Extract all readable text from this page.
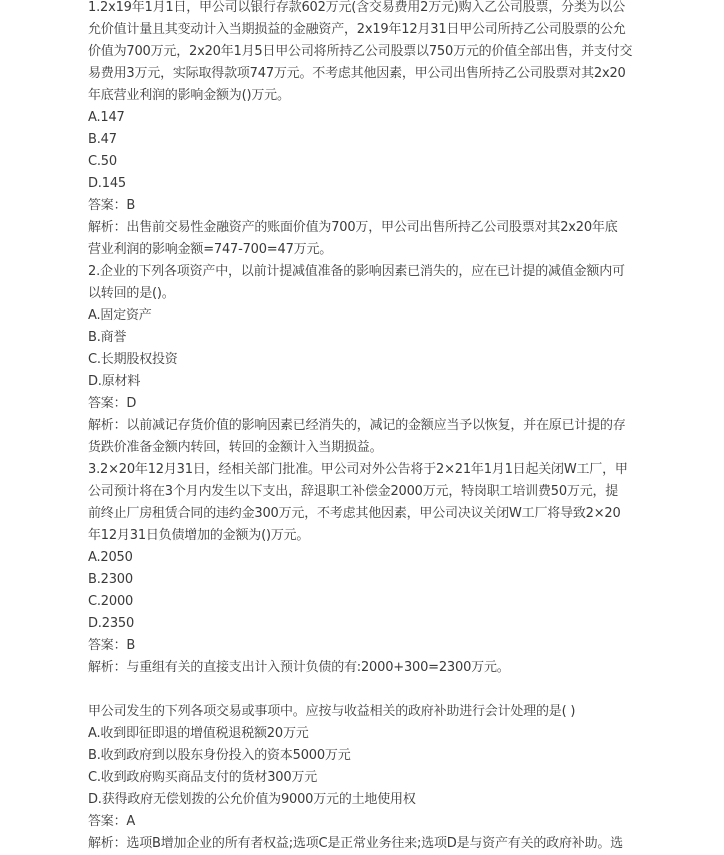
1.2x19年1月1日，甲公司以银行存款602万元(含交易费用2万元)购入乙公司股票，分类为以公
允价值计量且其变动计入当期损益的金融资产，2x19年12月31日甲公司所持乙公司股票的公允
价值为700万元，2x20年1月5日甲公司将所持乙公司股票以750万元的价值全部出售，并支付交
易费用3万元，实际取得款项747万元。不考虑其他因素，甲公司出售所持乙公司股票对其2x20
年底营业利润的影响金额为()万元。
A.147
B.47
C.50
D.145
答案：B
解析：出售前交易性金融资产的账面价值为700万，甲公司出售所持乙公司股票对其2x20年底
营业利润的影响金额=747-700=47万元。
2.企业的下列各项资产中，以前计提减值准备的影响因素已消失的，应在已计提的减值金额内可
以转回的是()。
A.固定资产
B.商誉
C.长期股权投资
D.原材料
答案：D
解析：以前减记存货价值的影响因素已经消失的，减记的金额应当予以恢复，并在原已计提的存
货跌价准备金额内转回，转回的金额计入当期损益。
3.2×20年12月31日，经相关部门批准。甲公司对外公告将于2×21年1月1日起关闭W工厂，甲
公司预计将在3个月内发生以下支出，辞退职工补偿金2000万元，特岗职工培训费50万元，提
前终止厂房租赁合同的违约金300万元，不考虑其他因素，甲公司决议关闭W工厂将导致2×20
年12月31日负债增加的金额为()万元。
A.2050
B.2300
C.2000
D.2350
答案：B
解析：与重组有关的直接支出计入预计负债的有:2000+300=2300万元。
甲公司发生的下列各项交易或事项中。应按与收益相关的政府补助进行会计处理的是( )
A.收到即征即退的增值税退税额20万元
B.收到政府到以股东身份投入的资本5000万元
C.收到政府购买商品支付的货材300万元
D.获得政府无偿划拨的公允价值为9000万元的土地使用权
答案：A
解析：选项B增加企业的所有者权益;选项C是正常业务往来;选项D是与资产有关的政府补助。选
